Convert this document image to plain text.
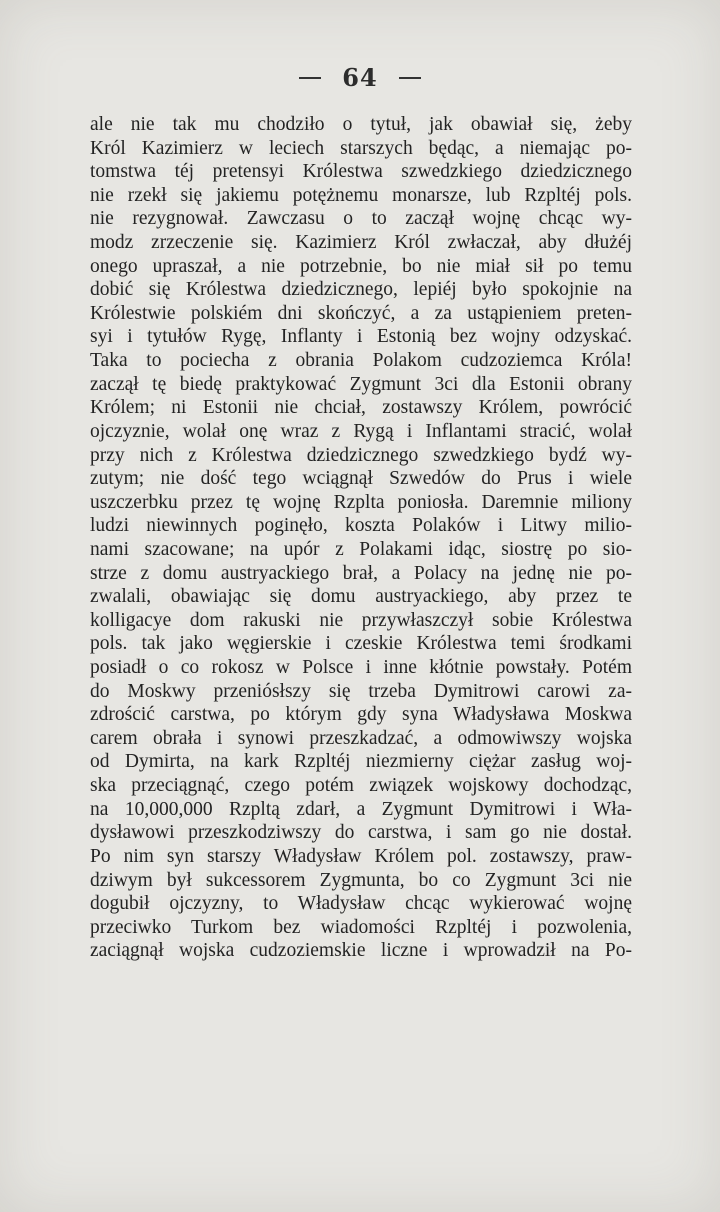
64
ale nie tak mu chodziło o tytuł, jak obawiał się, żeby
Król Kazimierz w leciech starszych będąc, a niemając po-
tomstwa téj pretensyi Królestwa szwedzkiego dziedzicznego
nie rzekł się jakiemu potężnemu monarsze, lub Rzpltéj pols.
nie rezygnował. Zawczasu o to zaczął wojnę chcąc wy-
modz zrzeczenie się. Kazimierz Król zwłaczał, aby dłużéj
onego upraszał, a nie potrzebnie, bo nie miał sił po temu
dobić się Królestwa dziedzicznego, lepiéj było spokojnie na
Królestwie polskiém dni skończyć, a za ustąpieniem preten-
syi i tytułów Rygę, Inflanty i Estonią bez wojny odzyskać.
Taka to pociecha z obrania Polakom cudzoziemca Króla!
zaczął tę biedę praktykować Zygmunt 3ci dla Estonii obrany
Królem; ni Estonii nie chciał, zostawszy Królem, powrócić
ojczyznie, wolał onę wraz z Rygą i Inflantami stracić, wolał
przy nich z Królestwa dziedzicznego szwedzkiego bydź wy-
zutym; nie dość tego wciągnął Szwedów do Prus i wiele
uszczerbku przez tę wojnę Rzplta poniosła. Daremnie miliony
ludzi niewinnych poginęło, koszta Polaków i Litwy milio-
nami szacowane; na upór z Polakami idąc, siostrę po sio-
strze z domu austryackiego brał, a Polacy na jednę nie po-
zwalali, obawiając się domu austryackiego, aby przez te
kolligacye dom rakuski nie przywłaszczył sobie Królestwa
pols. tak jako węgierskie i czeskie Królestwa temi środkami
posiadł o co rokosz w Polsce i inne kłótnie powstały. Potém
do Moskwy przeniósłszy się trzeba Dymitrowi carowi za-
zdrościć carstwa, po którym gdy syna Władysława Moskwa
carem obrała i synowi przeszkadzać, a odmowiwszy wojska
od Dymirta, na kark Rzpltéj niezmierny ciężar zasług woj-
ska przeciągnąć, czego potém związek wojskowy dochodząc,
na 10,000,000 Rzpltą zdarł, a Zygmunt Dymitrowi i Wła-
dysławowi przeszkodziwszy do carstwa, i sam go nie dostał.
Po nim syn starszy Władysław Królem pol. zostawszy, praw-
dziwym był sukcessorem Zygmunta, bo co Zygmunt 3ci nie
dogubił ojczyzny, to Władysław chcąc wykierować wojnę
przeciwko Turkom bez wiadomości Rzpltéj i pozwolenia,
zaciągnął wojska cudzoziemskie liczne i wprowadził na Po-
